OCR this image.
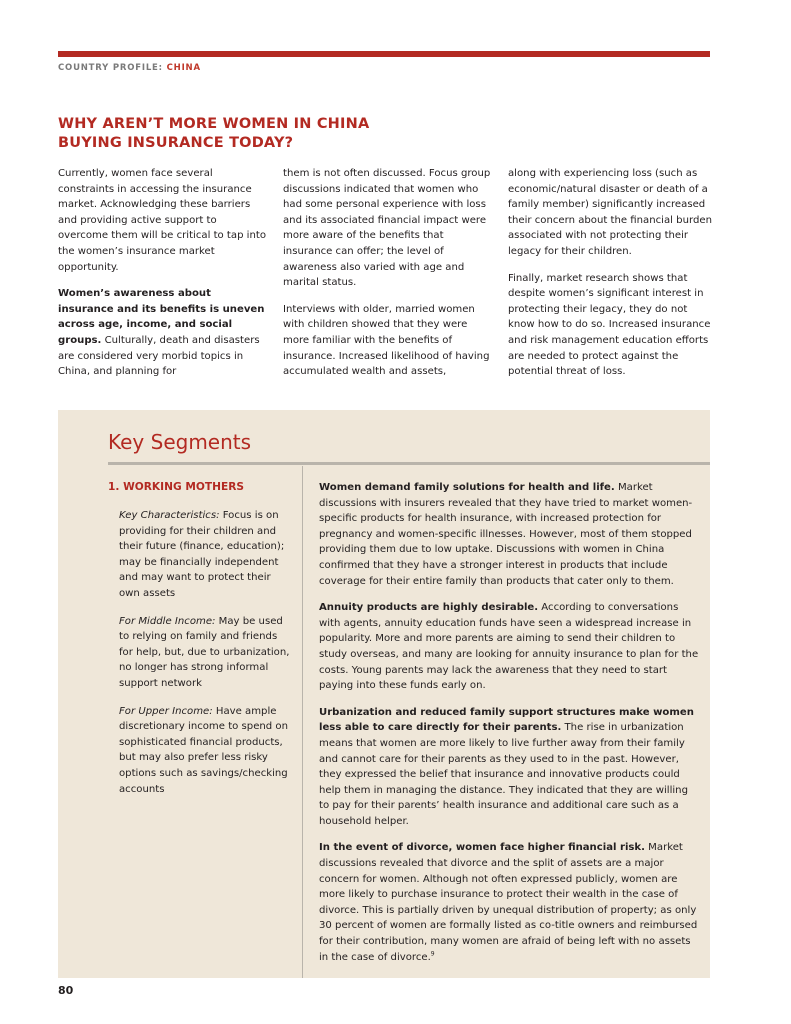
COUNTRY PROFILE: CHINA
WHY AREN’T MORE WOMEN IN CHINA
BUYING INSURANCE TODAY?

Currently, women face several constraints in accessing the insurance market. Acknowledging these barriers and providing active support to overcome them will be critical to tap into the women’s insurance market opportunity.

Women’s awareness about insurance and its benefits is uneven across age, income, and social groups. Culturally, death and disasters are considered very morbid topics in China, and planning for

them is not often discussed. Focus group discussions indicated that women who had some personal experience with loss and its associated financial impact were more aware of the benefits that insurance can offer; the level of awareness also varied with age and marital status.

Interviews with older, married women with children showed that they were more familiar with the benefits of insurance. Increased likelihood of having accumulated wealth and assets,

along with experiencing loss (such as economic/natural disaster or death of a family member) significantly increased their concern about the financial burden associated with not protecting their legacy for their children.

Finally, market research shows that despite women’s significant interest in protecting their legacy, they do not know how to do so. Increased insurance and risk management education efforts are needed to protect against the potential threat of loss.

Key Segments
1. WORKING MOTHERS

Key Characteristics: Focus is on providing for their children and their future (finance, education); may be financially independent and may want to protect their own assets

For Middle Income: May be used to relying on family and friends for help, but, due to urbanization, no longer has strong informal support network

For Upper Income: Have ample discretionary income to spend on sophisticated financial products, but may also prefer less risky options such as savings/checking accounts

Women demand family solutions for health and life. Market discussions with insurers revealed that they have tried to market women-specific products for health insurance, with increased protection for pregnancy and women-specific illnesses. However, most of them stopped providing them due to low uptake. Discussions with women in China confirmed that they have a stronger interest in products that include coverage for their entire family than products that cater only to them.

Annuity products are highly desirable. According to conversations with agents, annuity education funds have seen a widespread increase in popularity. More and more parents are aiming to send their children to study overseas, and many are looking for annuity insurance to plan for the costs. Young parents may lack the awareness that they need to start paying into these funds early on.

Urbanization and reduced family support structures make women less able to care directly for their parents. The rise in urbanization means that women are more likely to live further away from their family and cannot care for their parents as they used to in the past. However, they expressed the belief that insurance and innovative products could help them in managing the distance. They indicated that they are willing to pay for their parents’ health insurance and additional care such as a household helper.

In the event of divorce, women face higher financial risk. Market discussions revealed that divorce and the split of assets are a major concern for women. Although not often expressed publicly, women are more likely to purchase insurance to protect their wealth in the case of divorce. This is partially driven by unequal distribution of property; as only 30 percent of women are formally listed as co-title owners and reimbursed for their contribution, many women are afraid of being left with no assets in the case of divorce.$^9$

80
